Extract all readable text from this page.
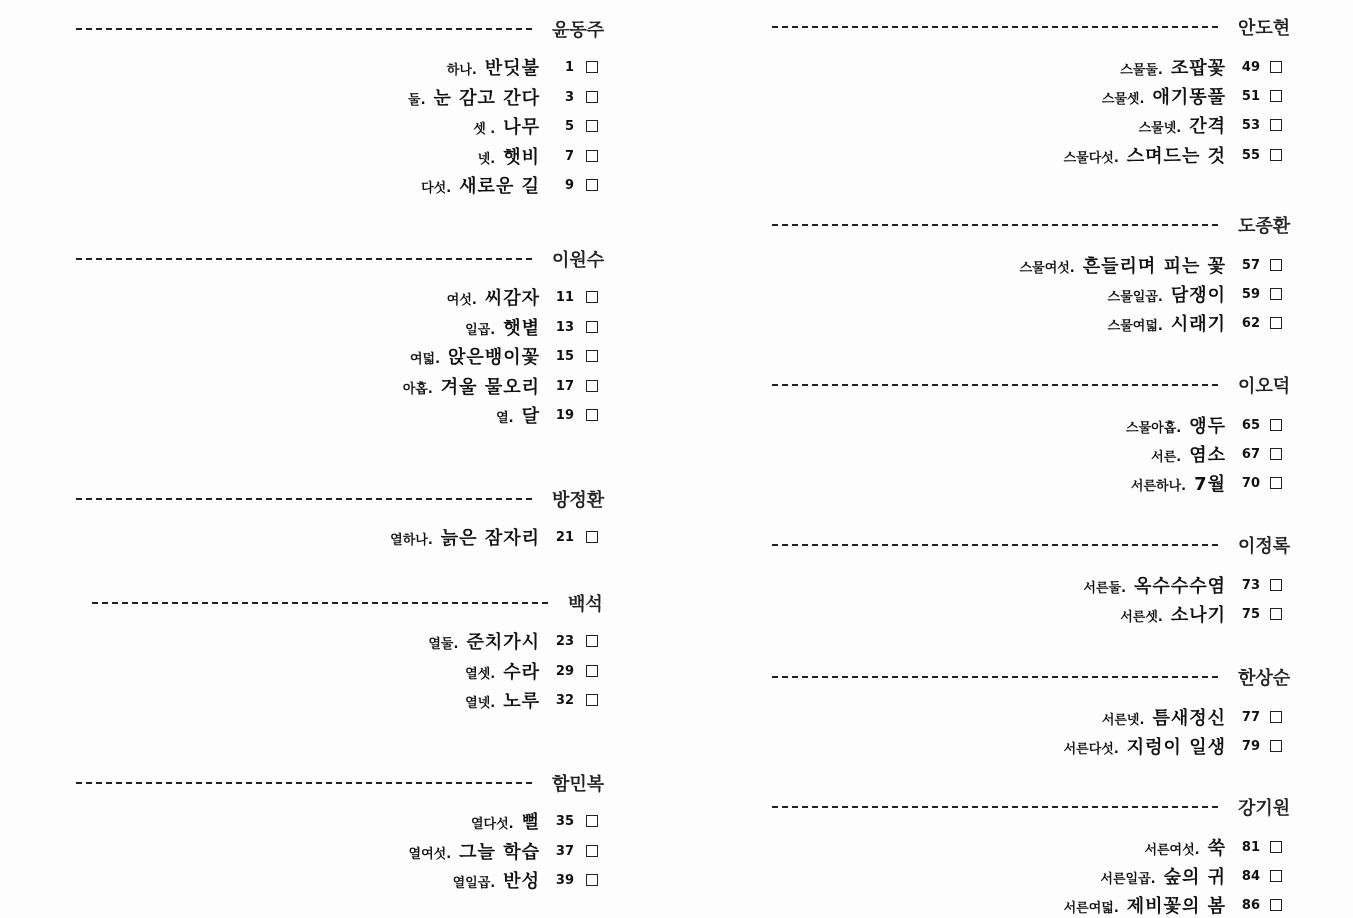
윤동주
하나. 반딧불	1
둘. 눈 감고 간다	3
셋 . 나무	5
넷. 햇비	7
다섯. 새로운 길	9
이원수
여섯. 씨감자	11
일곱. 햇볕	13
여덟. 앉은뱅이꽃	15
아홉. 겨울 물오리	17
열. 달	19
방정환
열하나. 늙은 잠자리	21
백석
열둘. 준치가시	23
열셋. 수라	29
열넷. 노루	32
함민복
열다섯. 뻘	35
열여섯. 그늘 학습	37
열일곱. 반성	39
안도현
스물둘. 조팝꽃	49
스물셋. 애기똥풀	51
스물넷. 간격	53
스물다섯. 스며드는 것	55
도종환
스물여섯. 흔들리며 피는 꽃	57
스물일곱. 담쟁이	59
스물여덟. 시래기	62
이오덕
스물아홉. 앵두	65
서른. 염소	67
서른하나. 7월	70
이정록
서른둘. 옥수수수염	73
서른셋. 소나기	75
한상순
서른넷. 틈새정신	77
서른다섯. 지렁이 일생	79
강기원
서른여섯. 쑥	81
서른일곱. 숲의 귀	84
서른여덟. 제비꽃의 봄	86
